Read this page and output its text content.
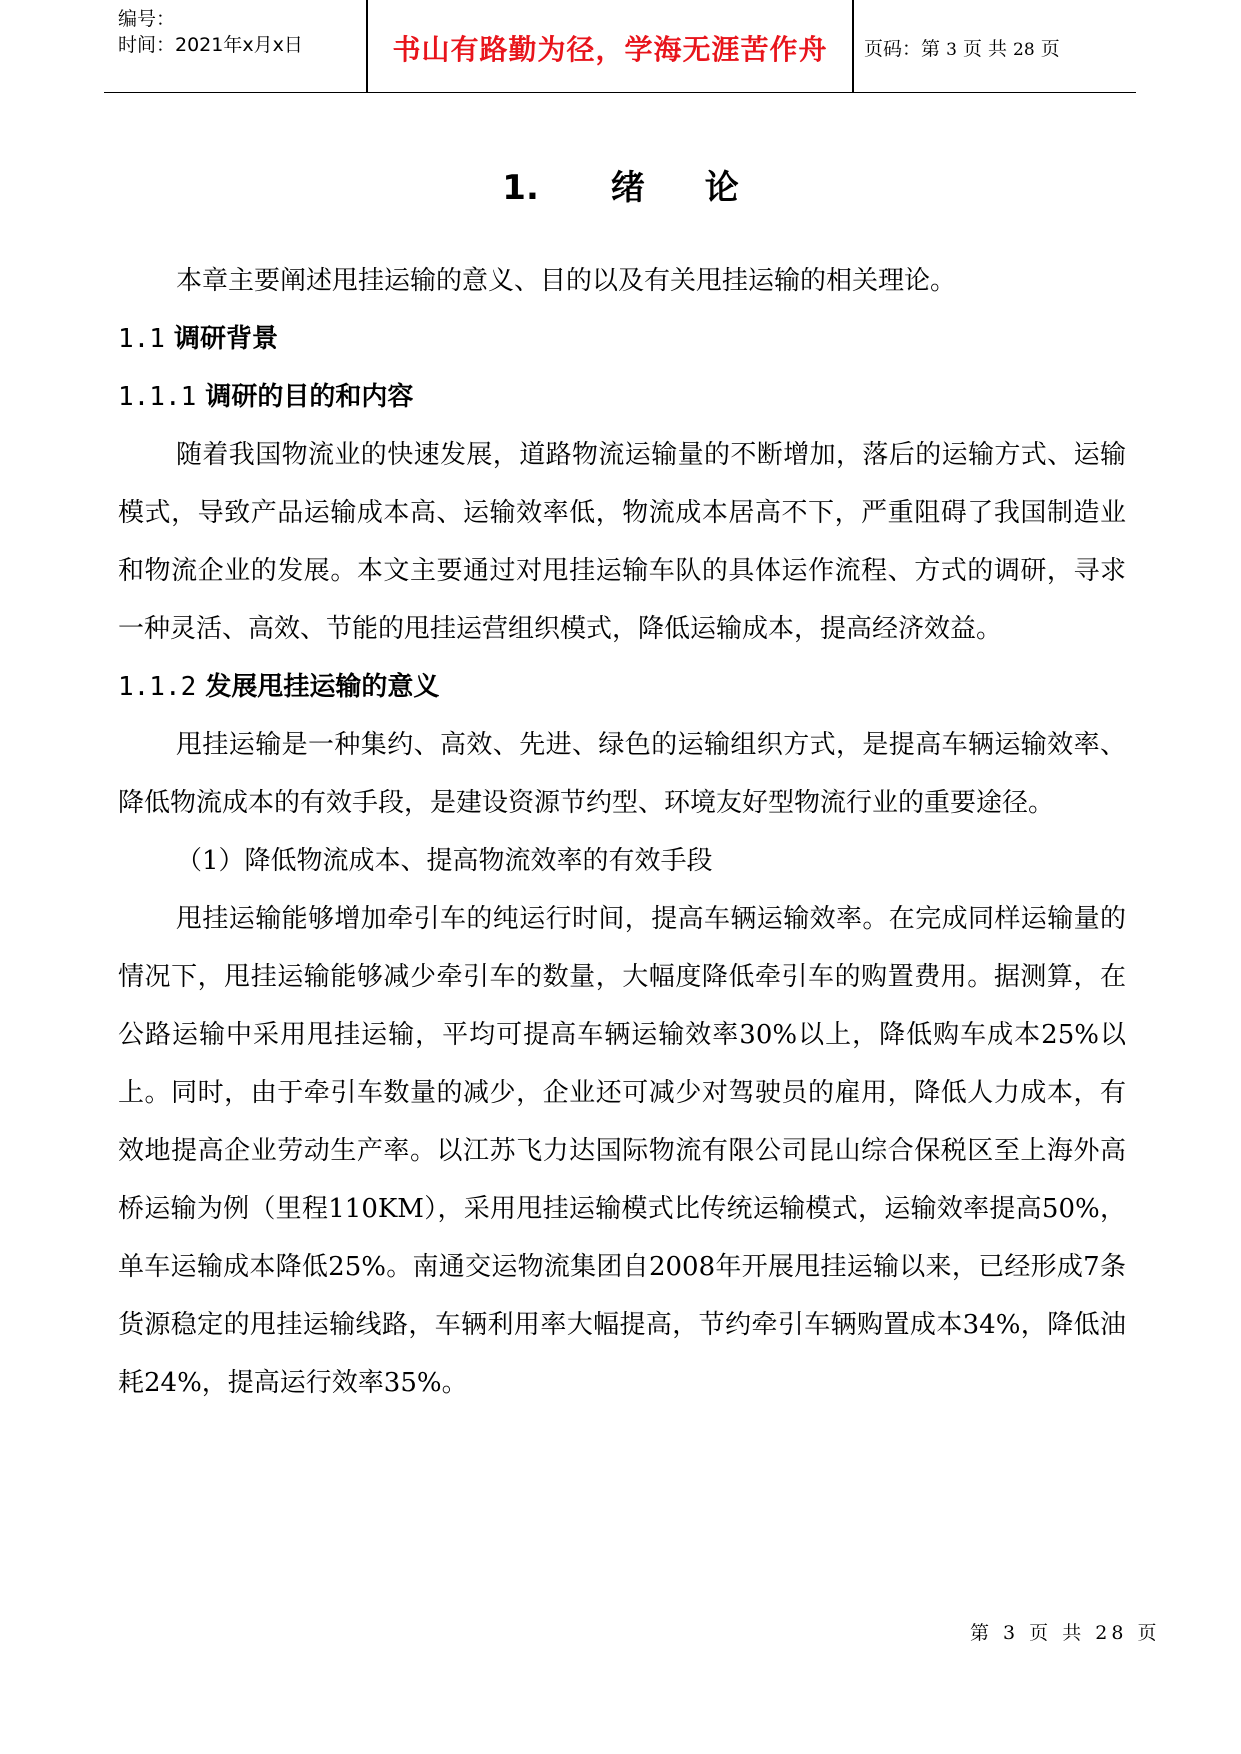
编号：
时间：2021年x月x日	书山有路勤为径，学海无涯苦作舟	页码：第 3 页 共 28 页
1. 绪 论

本章主要阐述甩挂运输的意义、目的以及有关甩挂运输的相关理论。

1.1 调研背景

1.1.1 调研的目的和内容

随着我国物流业的快速发展，道路物流运输量的不断增加，落后的运输方式、运输模式，导致产品运输成本高、运输效率低，物流成本居高不下，严重阻碍了我国制造业和物流企业的发展。本文主要通过对甩挂运输车队的具体运作流程、方式的调研，寻求一种灵活、高效、节能的甩挂运营组织模式，降低运输成本，提高经济效益。

1.1.2 发展甩挂运输的意义

甩挂运输是一种集约、高效、先进、绿色的运输组织方式，是提高车辆运输效率、降低物流成本的有效手段，是建设资源节约型、环境友好型物流行业的重要途径。

（1）降低物流成本、提高物流效率的有效手段

甩挂运输能够增加牵引车的纯运行时间，提高车辆运输效率。在完成同样运输量的情况下，甩挂运输能够减少牵引车的数量，大幅度降低牵引车的购置费用。据测算，在公路运输中采用甩挂运输，平均可提高车辆运输效率30%以上，降低购车成本25%以上。同时，由于牵引车数量的减少，企业还可减少对驾驶员的雇用，降低人力成本，有效地提高企业劳动生产率。以江苏飞力达国际物流有限公司昆山综合保税区至上海外高桥运输为例（里程110KM），采用甩挂运输模式比传统运输模式，运输效率提高50%，单车运输成本降低25%。南通交运物流集团自2008年开展甩挂运输以来，已经形成7条货源稳定的甩挂运输线路，车辆利用率大幅提高，节约牵引车辆购置成本34%，降低油耗24%，提高运行效率35%。

第 3 页 共 28 页
